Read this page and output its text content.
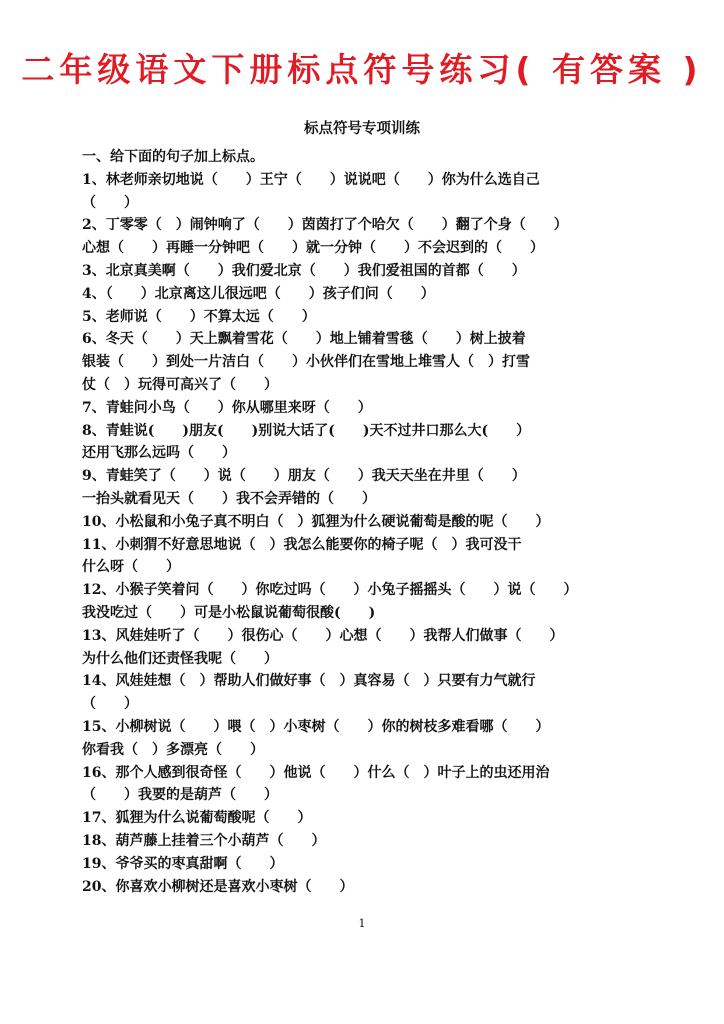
二年级语文下册标点符号练习( 有答案 )
标点符号专项训练
一、给下面的句子加上标点。
1、林老师亲切地说（　　）王宁（　　）说说吧（　　）你为什么选自己
（　　）
2、丁零零（　）闹钟响了（　　）茵茵打了个哈欠（　　）翻了个身（　　）
心想（　　）再睡一分钟吧（　　）就一分钟（　　）不会迟到的（　　）
3、北京真美啊（　　）我们爱北京（　　）我们爱祖国的首都（　　）
4、（　　）北京离这儿很远吧（　　）孩子们问（　　）
5、老师说（　　）不算太远（　　）
6、冬天（　　）天上飘着雪花（　　）地上铺着雪毯（　　）树上披着
银装（　　）到处一片洁白（　　）小伙伴们在雪地上堆雪人（　）打雪
仗（　）玩得可高兴了（　　）
7、青蛙问小鸟（　　）你从哪里来呀（　　）
8、青蛙说(　　)朋友(　　)别说大话了(　　)天不过井口那么大(　　）
还用飞那么远吗（　　）
9、青蛙笑了（　　）说（　　）朋友（　　）我天天坐在井里（　　）
一抬头就看见天（　　）我不会弄错的（　　）
10、小松鼠和小兔子真不明白（　）狐狸为什么硬说葡萄是酸的呢（　　）
11、小刺猬不好意思地说（　）我怎么能要你的椅子呢（　）我可没干
什么呀（　　）
12、小猴子笑着问（　　）你吃过吗（　　）小兔子摇摇头（　　）说（　　）
我没吃过（　　）可是小松鼠说葡萄很酸(　　)
13、风娃娃听了（　　）很伤心（　　）心想（　　）我帮人们做事（　　）
为什么他们还责怪我呢（　　）
14、风娃娃想（　）帮助人们做好事（　）真容易（　）只要有力气就行
（　　）
15、小柳树说（　　）喂（　）小枣树（　　）你的树枝多难看哪（　　）
你看我（　）多漂亮（　　）
16、那个人感到很奇怪（　　）他说（　　）什么（　）叶子上的虫还用治
（　　）我要的是葫芦（　　）
17、狐狸为什么说葡萄酸呢（　　）
18、葫芦藤上挂着三个小葫芦（　　）
19、爷爷买的枣真甜啊（　　）
20、你喜欢小柳树还是喜欢小枣树（　　）
1
